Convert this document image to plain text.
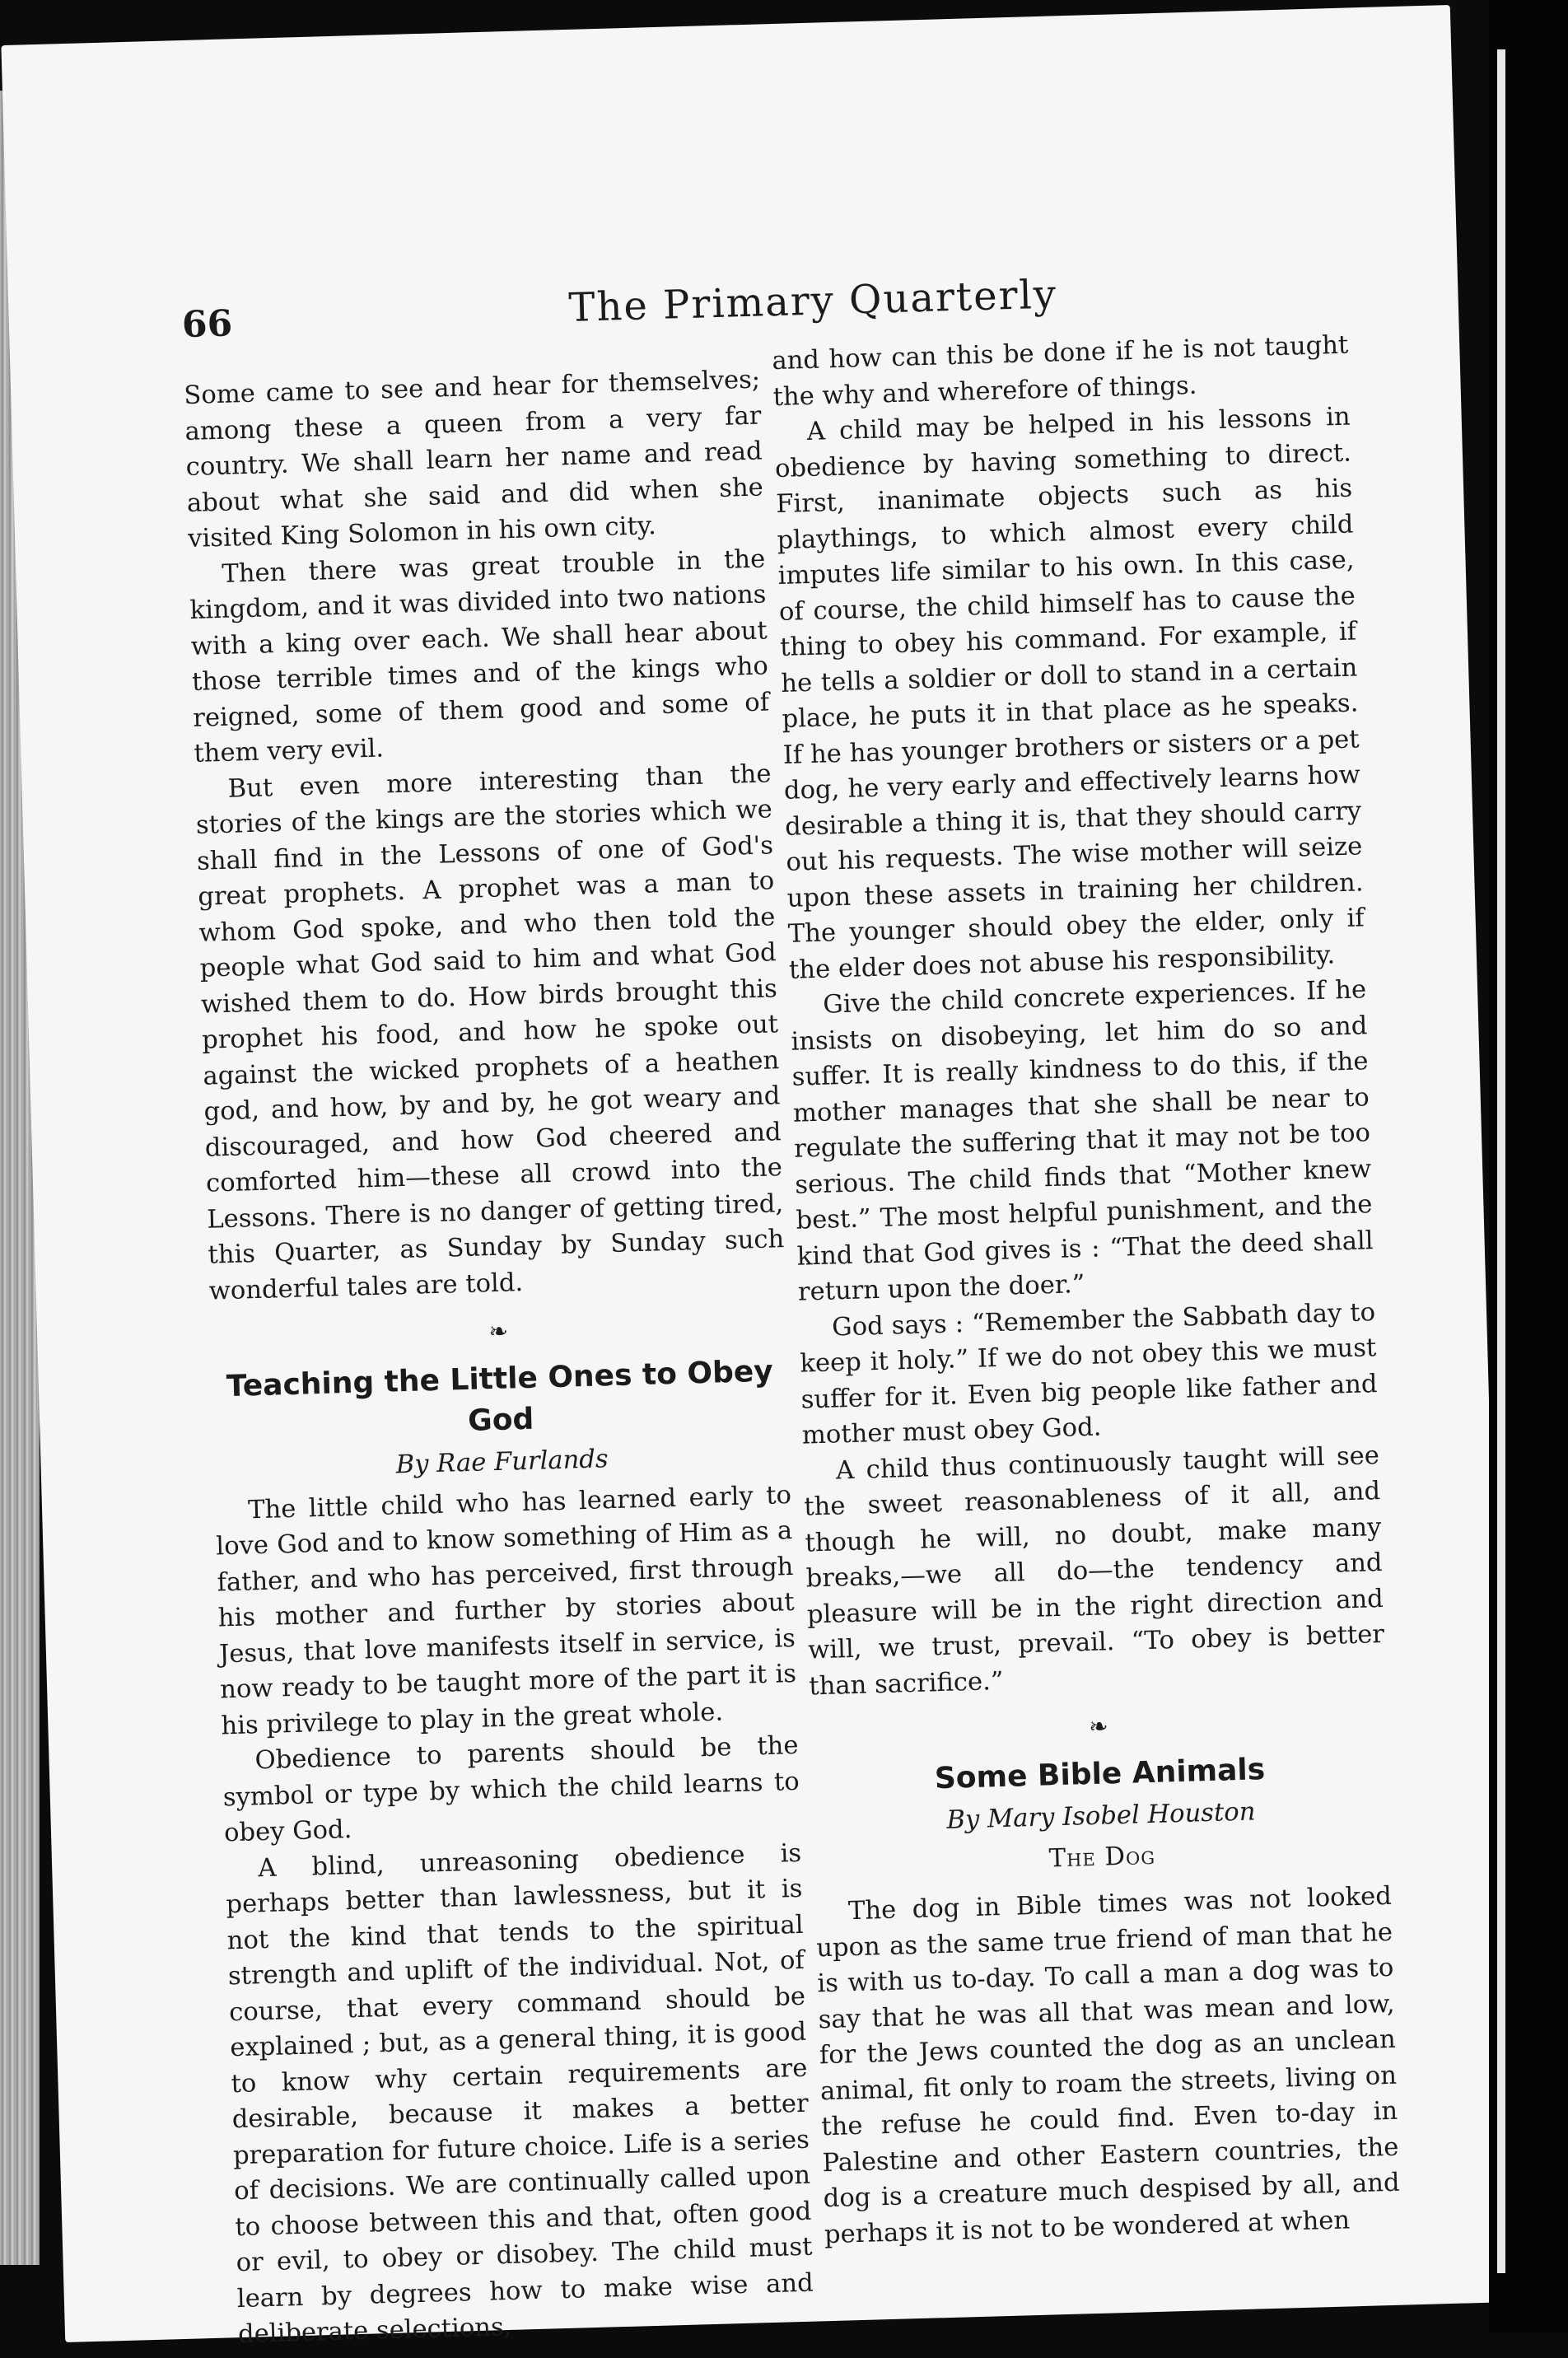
66	The Primary Quarterly

Some came to see and hear for themselves; among these a queen from a very far country. We shall learn her name and read about what she said and did when she visited King Solomon in his own city.

Then there was great trouble in the kingdom, and it was divided into two nations with a king over each. We shall hear about those terrible times and of the kings who reigned, some of them good and some of them very evil.

But even more interesting than the stories of the kings are the stories which we shall find in the Lessons of one of God's great prophets. A prophet was a man to whom God spoke, and who then told the people what God said to him and what God wished them to do. How birds brought this prophet his food, and how he spoke out against the wicked prophets of a heathen god, and how, by and by, he got weary and discouraged, and how God cheered and comforted him—these all crowd into the Lessons. There is no danger of getting tired, this Quarter, as Sunday by Sunday such wonderful tales are told.

❧
Teaching the Little Ones to Obey God
By Rae Furlands

The little child who has learned early to love God and to know something of Him as a father, and who has perceived, first through his mother and further by stories about Jesus, that love manifests itself in service, is now ready to be taught more of the part it is his privilege to play in the great whole.

Obedience to parents should be the symbol or type by which the child learns to obey God.

A blind, unreasoning obedience is perhaps better than lawlessness, but it is not the kind that tends to the spiritual strength and uplift of the individual. Not, of course, that every command should be explained ; but, as a general thing, it is good to know why certain requirements are desirable, because it makes a better preparation for future choice. Life is a series of decisions. We are continually called upon to choose between this and that, often good or evil, to obey or disobey. The child must learn by degrees how to make wise and deliberate selections,

and how can this be done if he is not taught the why and wherefore of things.

A child may be helped in his lessons in obedience by having something to direct. First, inanimate objects such as his playthings, to which almost every child imputes life similar to his own. In this case, of course, the child himself has to cause the thing to obey his command. For example, if he tells a soldier or doll to stand in a certain place, he puts it in that place as he speaks. If he has younger brothers or sisters or a pet dog, he very early and effectively learns how desirable a thing it is, that they should carry out his requests. The wise mother will seize upon these assets in training her children. The younger should obey the elder, only if the elder does not abuse his responsibility.

Give the child concrete experiences. If he insists on disobeying, let him do so and suffer. It is really kindness to do this, if the mother manages that she shall be near to regulate the suffering that it may not be too serious. The child finds that “Mother knew best.” The most helpful punishment, and the kind that God gives is : “That the deed shall return upon the doer.”

God says : “Remember the Sabbath day to keep it holy.” If we do not obey this we must suffer for it. Even big people like father and mother must obey God.

A child thus continuously taught will see the sweet reasonableness of it all, and though he will, no doubt, make many breaks,—we all do—the tendency and pleasure will be in the right direction and will, we trust, prevail. “To obey is better than sacrifice.”

❧
Some Bible Animals
By Mary Isobel Houston
The Dog

The dog in Bible times was not looked upon as the same true friend of man that he is with us to-day. To call a man a dog was to say that he was all that was mean and low, for the Jews counted the dog as an unclean animal, fit only to roam the streets, living on the refuse he could find. Even to-day in Palestine and other Eastern countries, the dog is a creature much despised by all, and perhaps it is not to be wondered at when
